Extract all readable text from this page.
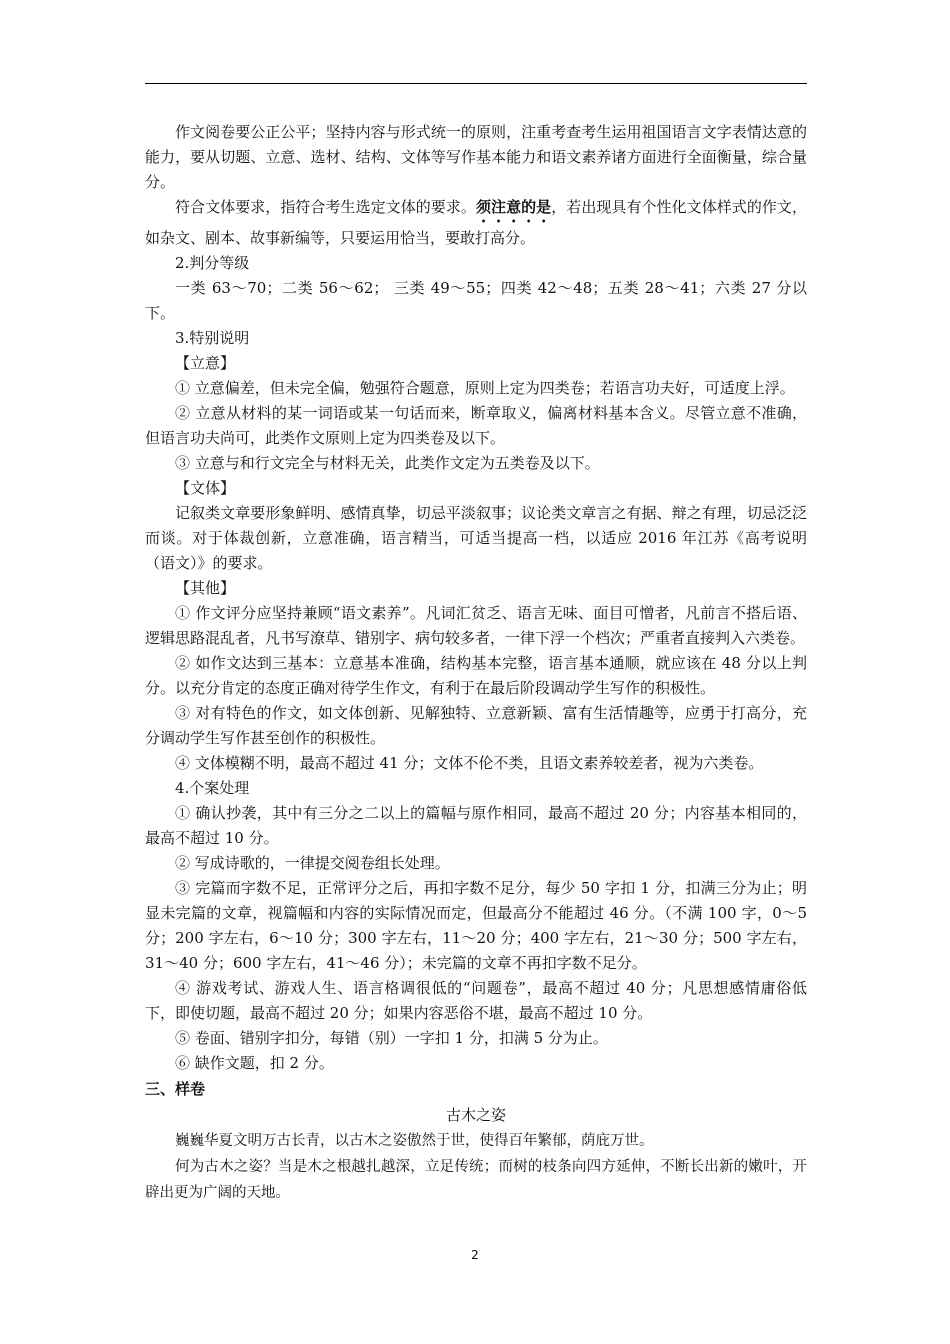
作文阅卷要公正公平；坚持内容与形式统一的原则，注重考查考生运用祖国语言文字表情达意的能力，要从切题、立意、选材、结构、文体等写作基本能力和语文素养诸方面进行全面衡量，综合量分。

符合文体要求，指符合考生选定文体的要求。须注意的是，若出现具有个性化文体样式的作文，如杂文、剧本、故事新编等，只要运用恰当，要敢打高分。

2.判分等级

一类 63～70；二类 56～62； 三类 49～55；四类 42～48；五类 28～41；六类 27 分以下。

3.特别说明

【立意】

① 立意偏差，但未完全偏，勉强符合题意，原则上定为四类卷；若语言功夫好，可适度上浮。

② 立意从材料的某一词语或某一句话而来，断章取义，偏离材料基本含义。尽管立意不准确，但语言功夫尚可，此类作文原则上定为四类卷及以下。

③ 立意与和行文完全与材料无关，此类作文定为五类卷及以下。

【文体】

记叙类文章要形象鲜明、感情真挚，切忌平淡叙事；议论类文章言之有据、辩之有理，切忌泛泛而谈。对于体裁创新，立意准确，语言精当，可适当提高一档，以适应 2016 年江苏《高考说明（语文）》的要求。

【其他】

① 作文评分应坚持兼顾“语文素养”。凡词汇贫乏、语言无味、面目可憎者，凡前言不搭后语、逻辑思路混乱者，凡书写潦草、错别字、病句较多者，一律下浮一个档次；严重者直接判入六类卷。

② 如作文达到三基本：立意基本准确，结构基本完整，语言基本通顺，就应该在 48 分以上判分。以充分肯定的态度正确对待学生作文，有利于在最后阶段调动学生写作的积极性。

③ 对有特色的作文，如文体创新、见解独特、立意新颖、富有生活情趣等，应勇于打高分，充分调动学生写作甚至创作的积极性。

④ 文体模糊不明，最高不超过 41 分；文体不伦不类，且语文素养较差者，视为六类卷。

4.个案处理

① 确认抄袭，其中有三分之二以上的篇幅与原作相同，最高不超过 20 分；内容基本相同的，最高不超过 10 分。

② 写成诗歌的，一律提交阅卷组长处理。

③ 完篇而字数不足，正常评分之后，再扣字数不足分，每少 50 字扣 1 分，扣满三分为止；明显未完篇的文章，视篇幅和内容的实际情况而定，但最高分不能超过 46 分。（不满 100 字，0～5 分；200 字左右，6～10 分；300 字左右，11～20 分；400 字左右，21～30 分；500 字左右，31～40 分；600 字左右，41～46 分）；未完篇的文章不再扣字数不足分。

④ 游戏考试、游戏人生、语言格调很低的“问题卷”，最高不超过 40 分；凡思想感情庸俗低下，即使切题，最高不超过 20 分；如果内容恶俗不堪，最高不超过 10 分。

⑤ 卷面、错别字扣分，每错（别）一字扣 1 分，扣满 5 分为止。

⑥ 缺作文题，扣 2 分。

三、样卷

古木之姿

巍巍华夏文明万古长青，以古木之姿傲然于世，使得百年繁郁，荫庇万世。

何为古木之姿？当是木之根越扎越深，立足传统；而树的枝条向四方延伸，不断长出新的嫩叶，开辟出更为广阔的天地。

2
